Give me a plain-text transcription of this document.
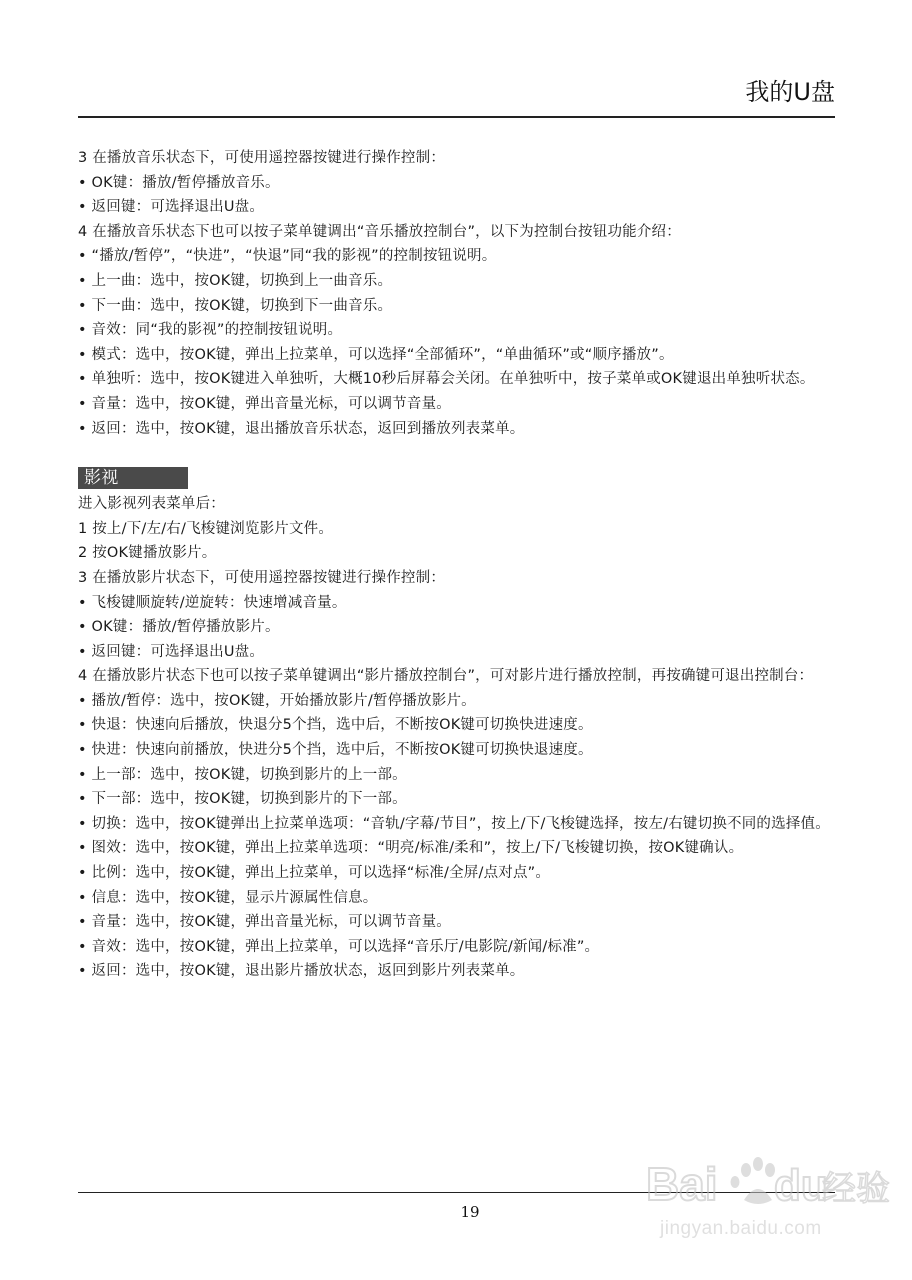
我的U盘
3 在播放音乐状态下，可使用遥控器按键进行操作控制：
• OK键：播放/暂停播放音乐。
• 返回键：可选择退出U盘。
4 在播放音乐状态下也可以按子菜单键调出“音乐播放控制台”，以下为控制台按钮功能介绍：
• “播放/暂停”，“快进”，“快退”同“我的影视”的控制按钮说明。
• 上一曲：选中，按OK键，切换到上一曲音乐。
• 下一曲：选中，按OK键，切换到下一曲音乐。
• 音效：同“我的影视”的控制按钮说明。
• 模式：选中，按OK键，弹出上拉菜单，可以选择“全部循环”，“单曲循环”或“顺序播放”。
• 单独听：选中，按OK键进入单独听，大概10秒后屏幕会关闭。在单独听中，按子菜单或OK键退出单独听状态。
• 音量：选中，按OK键，弹出音量光标，可以调节音量。
• 返回：选中，按OK键，退出播放音乐状态，返回到播放列表菜单。
影视
进入影视列表菜单后：
1 按上/下/左/右/飞梭键浏览影片文件。
2 按OK键播放影片。
3 在播放影片状态下，可使用遥控器按键进行操作控制：
• 飞梭键顺旋转/逆旋转：快速增减音量。
• OK键：播放/暂停播放影片。
• 返回键：可选择退出U盘。
4 在播放影片状态下也可以按子菜单键调出“影片播放控制台”，可对影片进行播放控制，再按确键可退出控制台：
• 播放/暂停：选中，按OK键，开始播放影片/暂停播放影片。
• 快退：快速向后播放，快退分5个挡，选中后，不断按OK键可切换快进速度。
• 快进：快速向前播放，快进分5个挡，选中后，不断按OK键可切换快退速度。
• 上一部：选中，按OK键，切换到影片的上一部。
• 下一部：选中，按OK键，切换到影片的下一部。
• 切换：选中，按OK键弹出上拉菜单选项：“音轨/字幕/节目”，按上/下/飞梭键选择，按左/右键切换不同的选择值。
• 图效：选中，按OK键，弹出上拉菜单选项：“明亮/标准/柔和”，按上/下/飞梭键切换，按OK键确认。
• 比例：选中，按OK键，弹出上拉菜单，可以选择“标准/全屏/点对点”。
• 信息：选中，按OK键，显示片源属性信息。
• 音量：选中，按OK键，弹出音量光标，可以调节音量。
• 音效：选中，按OK键，弹出上拉菜单，可以选择“音乐厅/电影院/新闻/标准”。
• 返回：选中，按OK键，退出影片播放状态，返回到影片列表菜单。
19
Bai du
经验
jingyan.baidu.com
